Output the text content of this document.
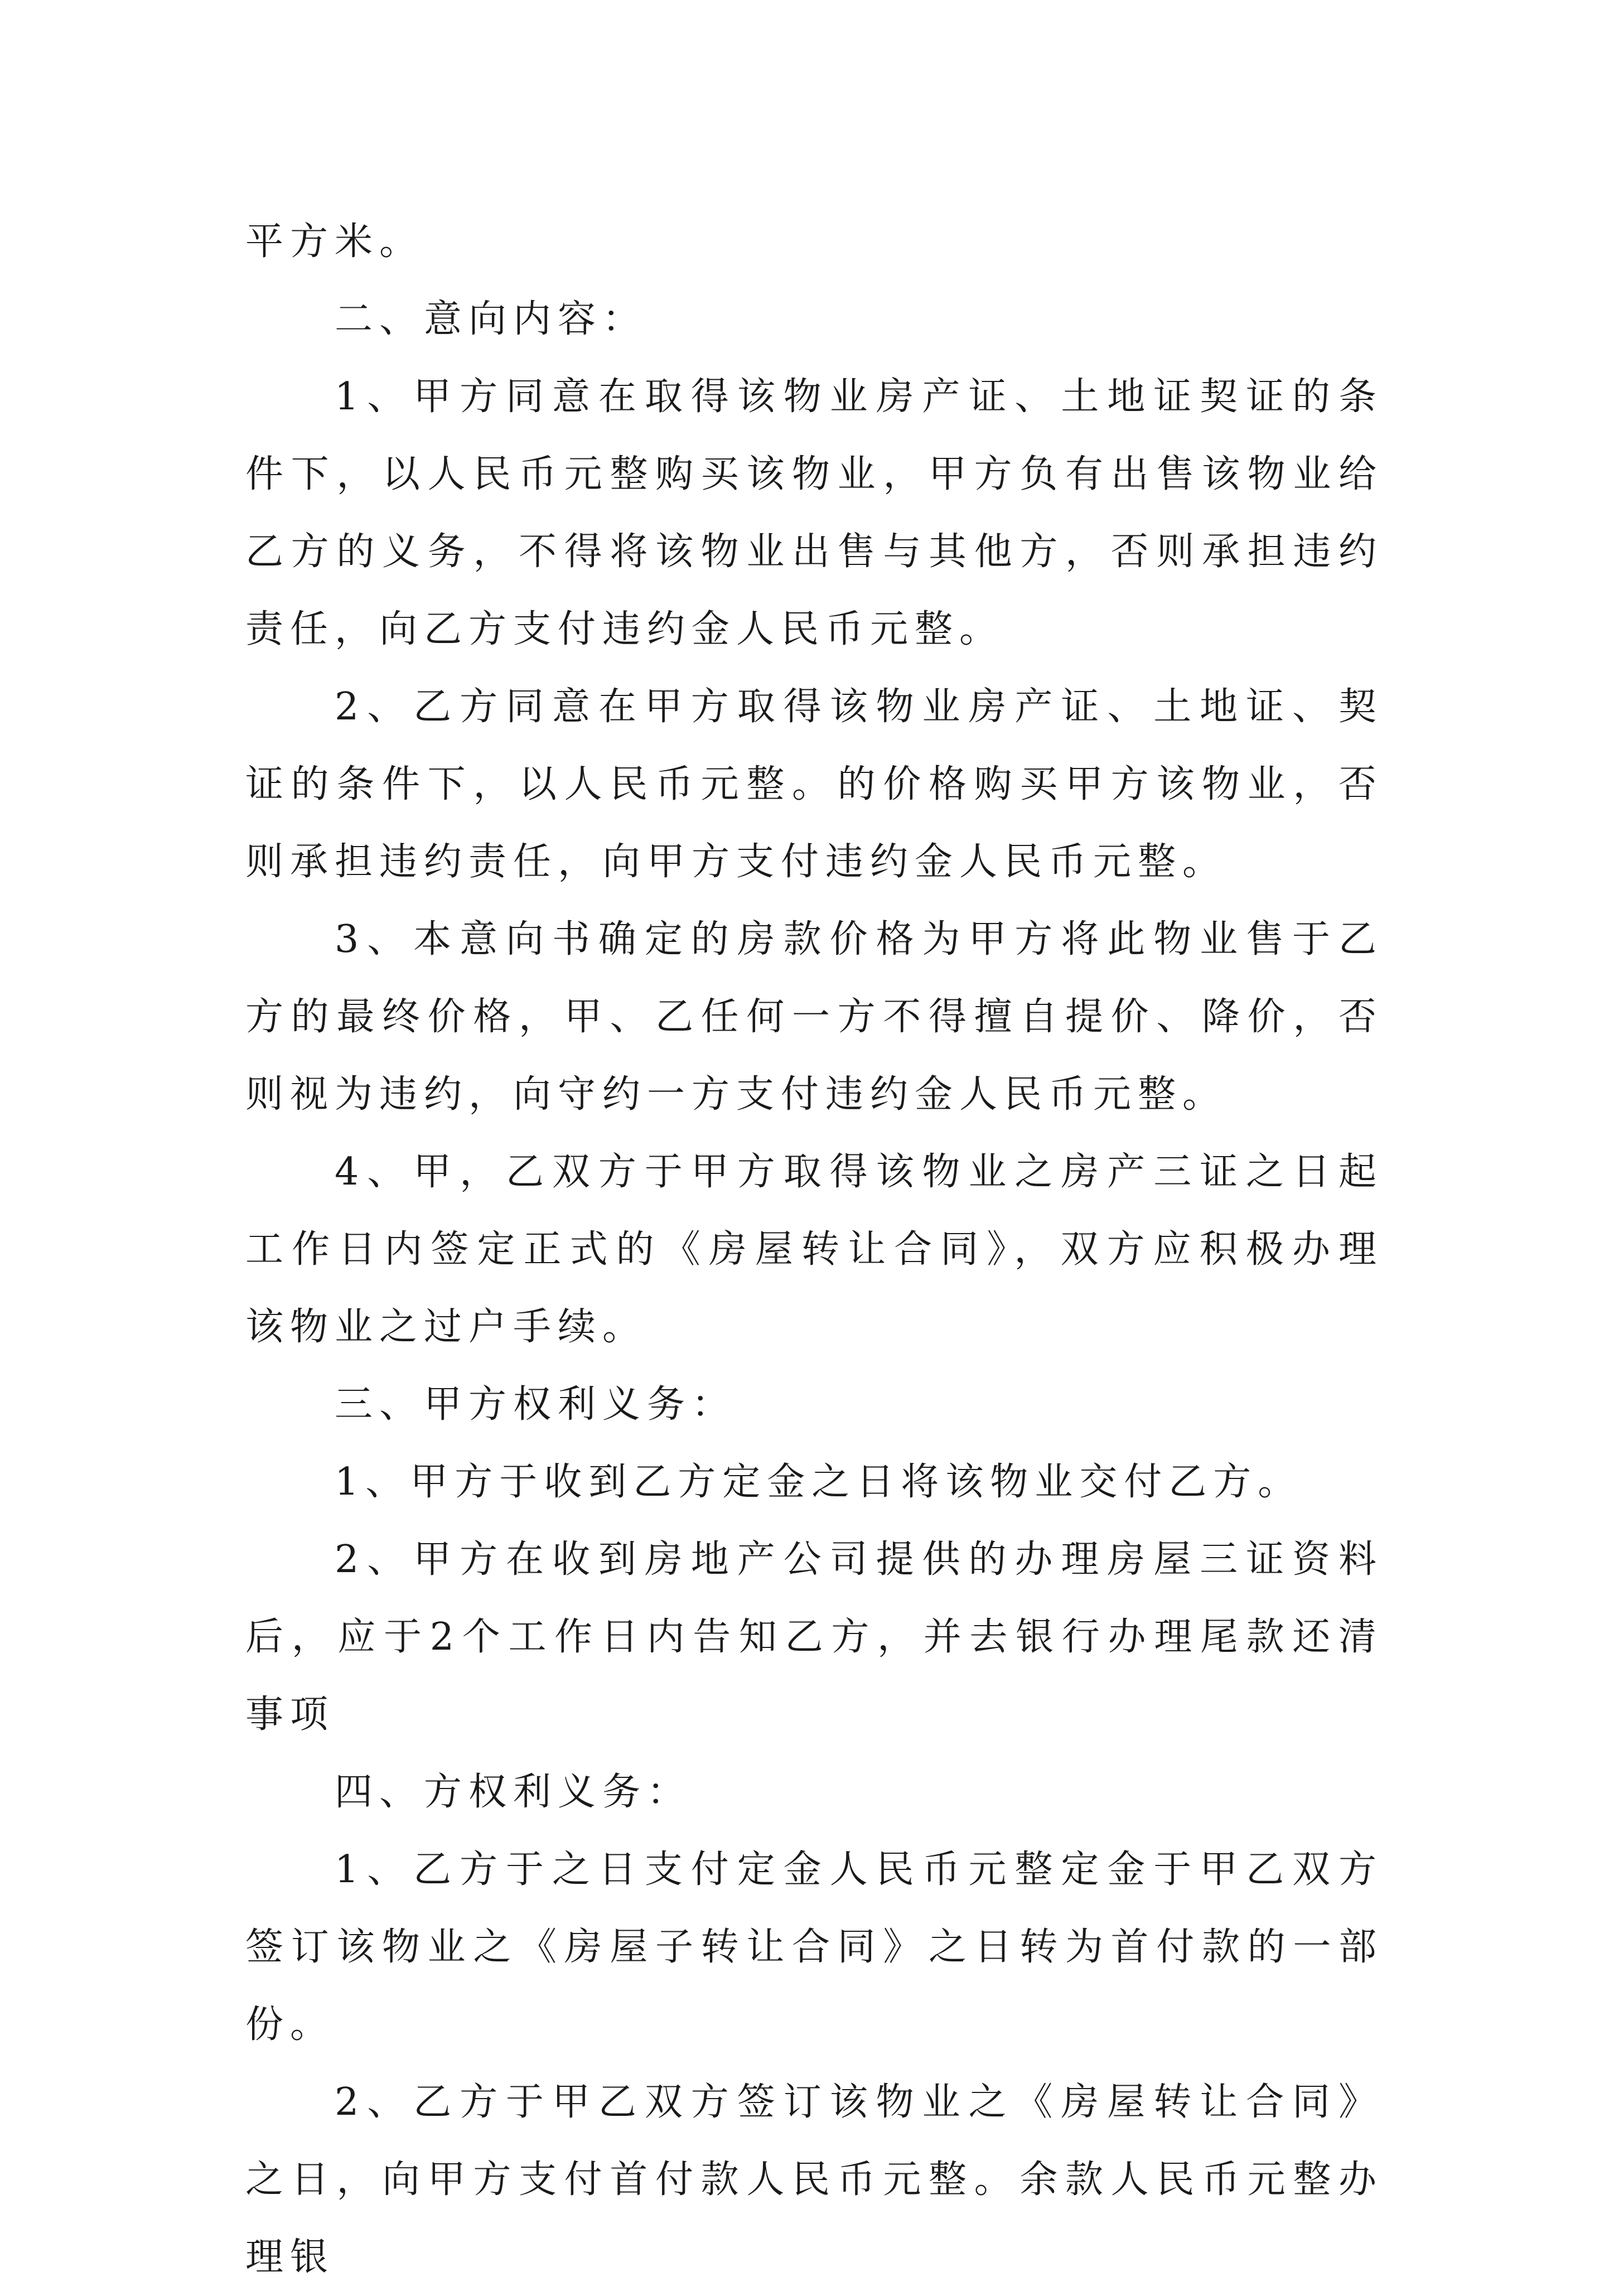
平方米。

二、意向内容：

1、甲方同意在取得该物业房产证、土地证契证的条件下，以人民币元整购买该物业，甲方负有出售该物业给乙方的义务，不得将该物业出售与其他方，否则承担违约责任，向乙方支付违约金人民币元整。

2、乙方同意在甲方取得该物业房产证、土地证、契证的条件下，以人民币元整。的价格购买甲方该物业，否则承担违约责任，向甲方支付违约金人民币元整。

3、本意向书确定的房款价格为甲方将此物业售于乙方的最终价格，甲、乙任何一方不得擅自提价、降价，否则视为违约，向守约一方支付违约金人民币元整。

4、甲，乙双方于甲方取得该物业之房产三证之日起工作日内签定正式的《房屋转让合同》，双方应积极办理该物业之过户手续。

三、甲方权利义务：

1、甲方于收到乙方定金之日将该物业交付乙方。

2、甲方在收到房地产公司提供的办理房屋三证资料后，应于2个工作日内告知乙方，并去银行办理尾款还清事项

四、方权利义务：

1、乙方于之日支付定金人民币元整定金于甲乙双方签订该物业之《房屋子转让合同》之日转为首付款的一部份。

2、乙方于甲乙双方签订该物业之《房屋转让合同》之日，向甲方支付首付款人民币元整。余款人民币元整办理银
